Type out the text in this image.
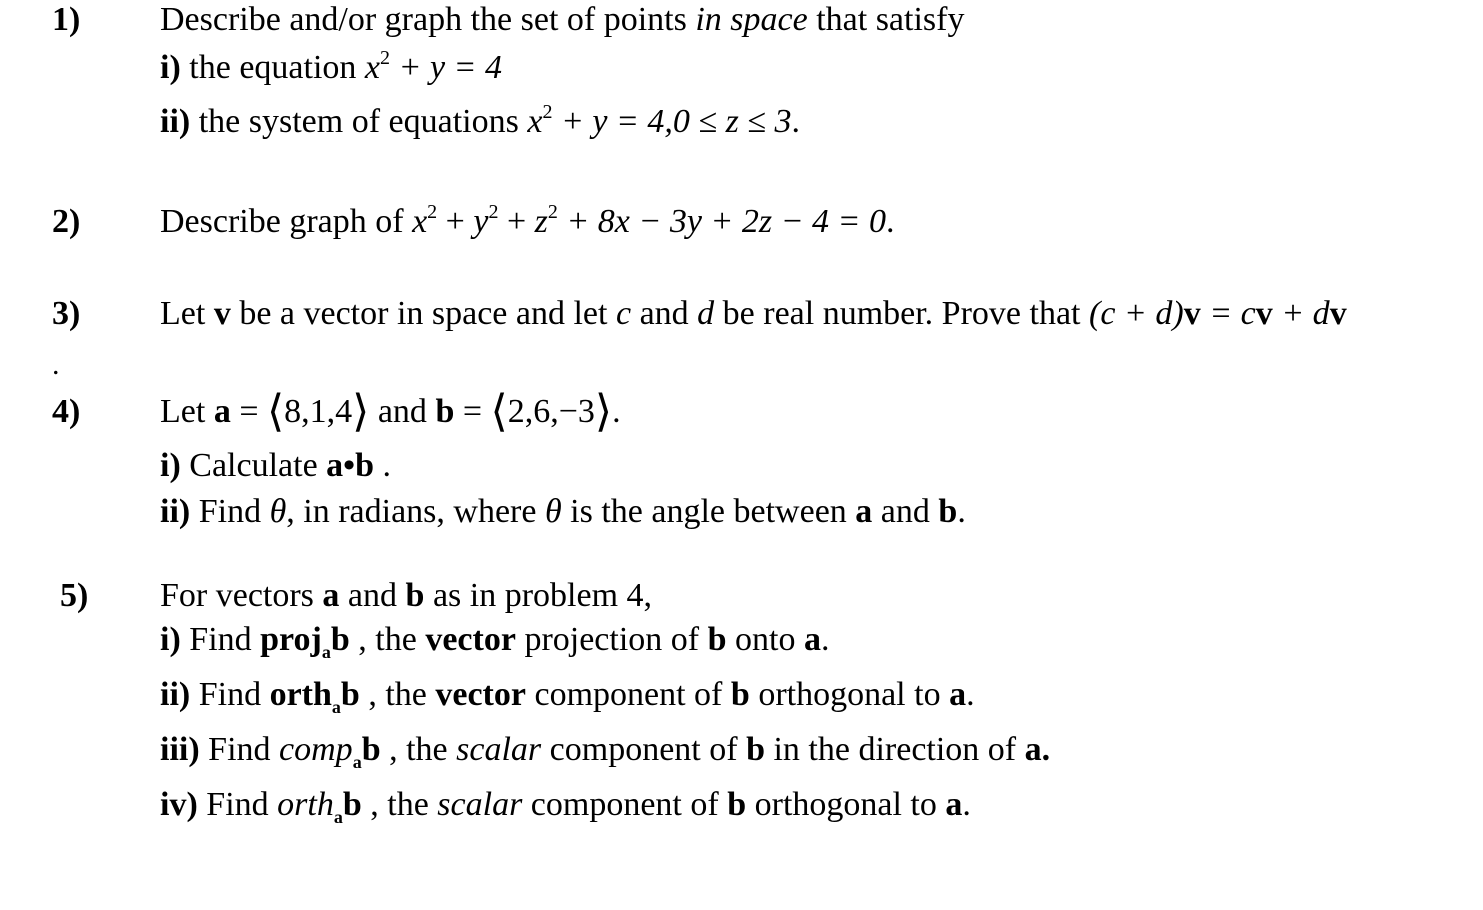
1) Describe and/or graph the set of points in space that satisfy
i) the equation $x^2 + y = 4$
ii) the system of equations $x^2 + y = 4,0 \le z \le 3$.
2) Describe graph of $x^2 + y^2 + z^2 + 8x - 3y + 2z - 4 = 0$.
3) Let v be a vector in space and let c and d be real number. Prove that (c + d)v = cv + dv
.
4) Let a = ⟨8,1,4⟩ and b = ⟨2,6,−3⟩.
i) Calculate a•b .
ii) Find θ, in radians, where θ is the angle between a and b.
5) For vectors a and b as in problem 4,
i) Find proj$_a$b , the vector projection of b onto a.
ii) Find orth$_a$b , the vector component of b orthogonal to a.
iii) Find comp$_a$b , the scalar component of b in the direction of a.
iv) Find orth$_a$b , the scalar component of b orthogonal to a.
